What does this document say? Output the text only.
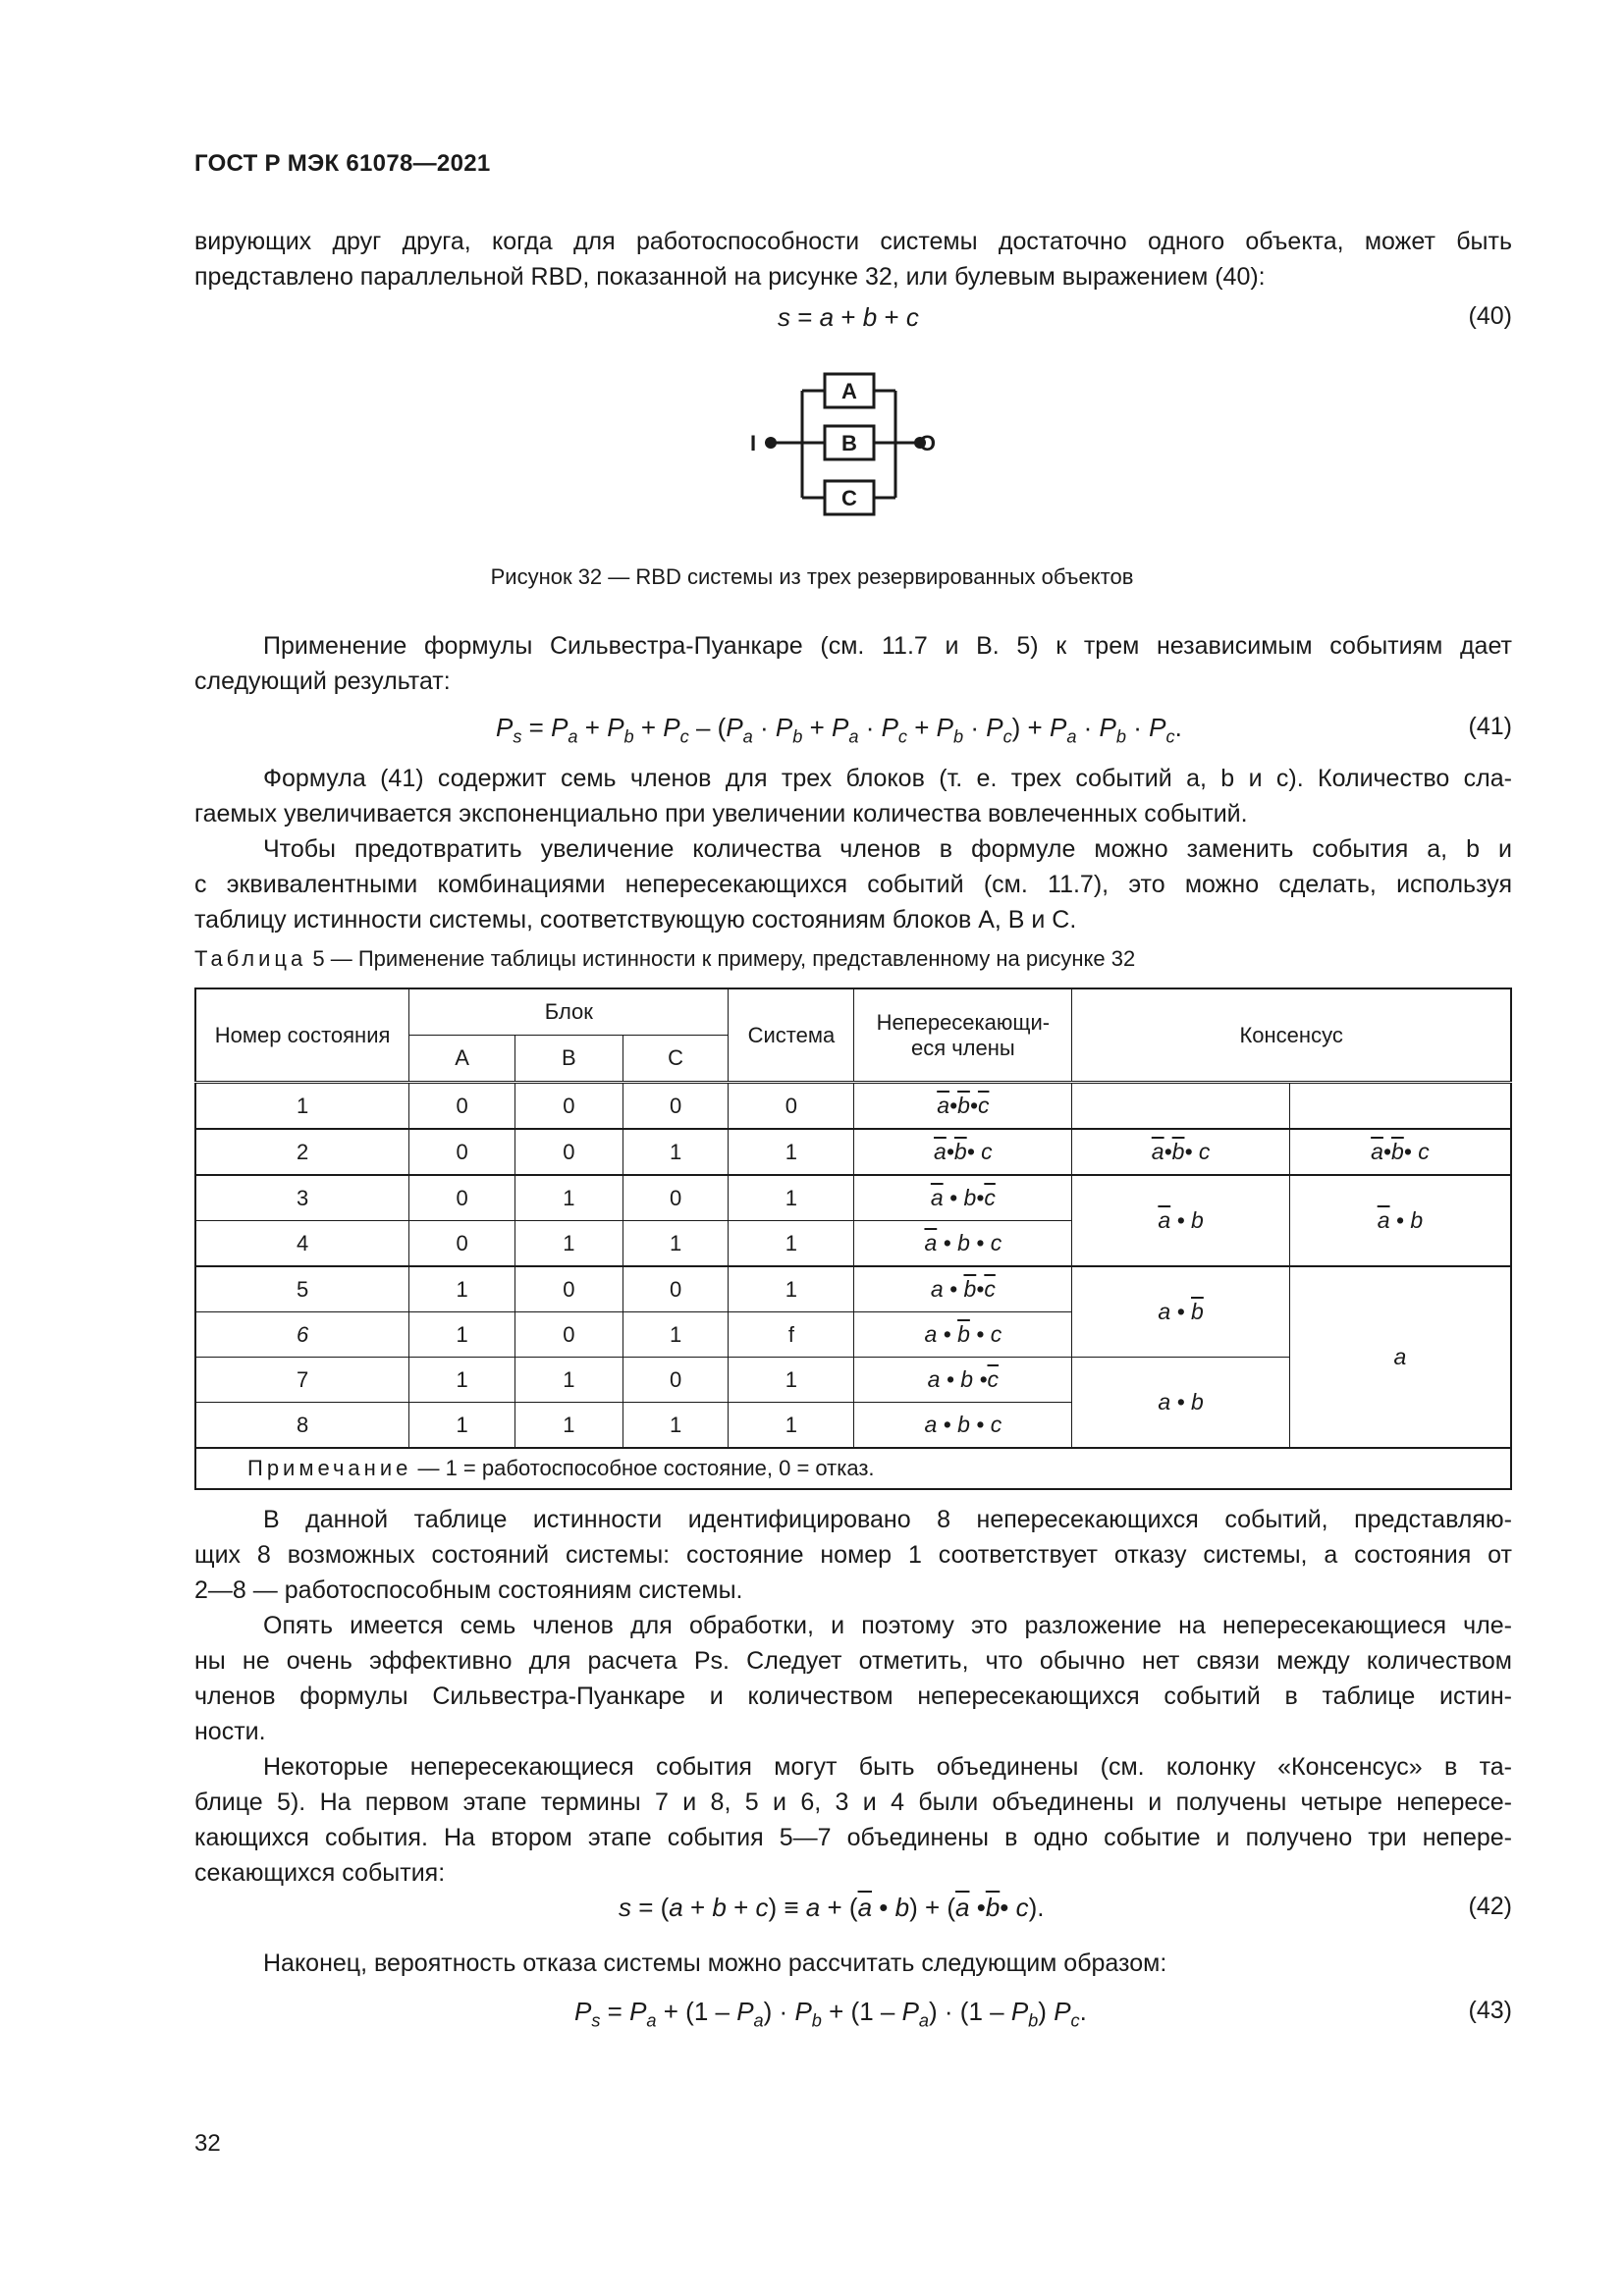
ГОСТ Р МЭК 61078—2021
вирующих друг друга, когда для работоспособности системы достаточно одного объекта, может быть
представлено параллельной RBD, показанной на рисунке 32, или булевым выражением (40):
s = a + b + c	(40)
A
B
C
I	O
Рисунок 32 — RBD системы из трех резервированных объектов
Применение формулы Сильвестра-Пуанкаре (см. 11.7 и B. 5) к трем независимым событиям дает
следующий результат:
$P_s = P_a + P_b + P_c - (P_a \cdot P_b + P_a \cdot P_c + P_b \cdot P_c) + P_a \cdot P_b \cdot P_c$.	(41)
Формула (41) содержит семь членов для трех блоков (т. е. трех событий a, b и c). Количество сла-
гаемых увеличивается экспоненциально при увеличении количества вовлеченных событий.
Чтобы предотвратить увеличение количества членов в формуле можно заменить события a, b и
c эквивалентными комбинациями непересекающихся событий (см. 11.7), это можно сделать, используя
таблицу истинности системы, соответствующую состояниям блоков А, В и С.
Таблица 5 — Применение таблицы истинности к примеру, представленному на рисунке 32
Номер состояния	Блок			Система	Непересекающи-еся члены	Консенсус	
	А	В	С				
1	0	0	0	0	$\overline{a}•\overline{b}•\overline{c}$		
2	0	0	1	1	$\overline{a}•\overline{b}•$ c	$\overline{a}•\overline{b}•$ c	$\overline{a}•\overline{b}•$ c
3	0	1	0	1	$\overline{a}$ • $b•\overline{c}$	$\overline{a}$ • b	$\overline{a}$ • b
4	0	1	1	1	$\overline{a}$ • b • c		
5	1	0	0	1	a • $\overline{b}•\overline{c}$	a • $\overline{b}$	a
6	1	0	1	f	a • $\overline{b}$ • c		
7	1	1	0	1	a • b $•\overline{c}$	a • b	
8	1	1	1	1	a • b • c		
Примечание — 1 = работоспособное состояние, 0 = отказ.							
В данной таблице истинности идентифицировано 8 непересекающихся событий, представляю-
щих 8 возможных состояний системы: состояние номер 1 соответствует отказу системы, а состояния от
2—8 — работоспособным состояниям системы.
Опять имеется семь членов для обработки, и поэтому это разложение на непересекающиеся чле-
ны не очень эффективно для расчета Ps. Следует отметить, что обычно нет связи между количеством
членов формулы Сильвестра-Пуанкаре и количеством непересекающихся событий в таблице истин-
ности.
Некоторые непересекающиеся события могут быть объединены (см. колонку «Консенсус» в та-
блице 5). На первом этапе термины 7 и 8, 5 и 6, 3 и 4 были объединены и получены четыре непересе-
кающихся события. На втором этапе события 5—7 объединены в одно событие и получено три непере-
секающихся события:
$s = (a + b + c) \equiv a + (\overline{a}$ • $b) + (\overline{a}$ $•\overline{b}•$ c).	(42)
Наконец, вероятность отказа системы можно рассчитать следующим образом:
$P_s = P_a + (1 - P_a) \cdot P_b + (1 - P_a) \cdot (1 - P_b)$ $P_c$.	(43)
32
